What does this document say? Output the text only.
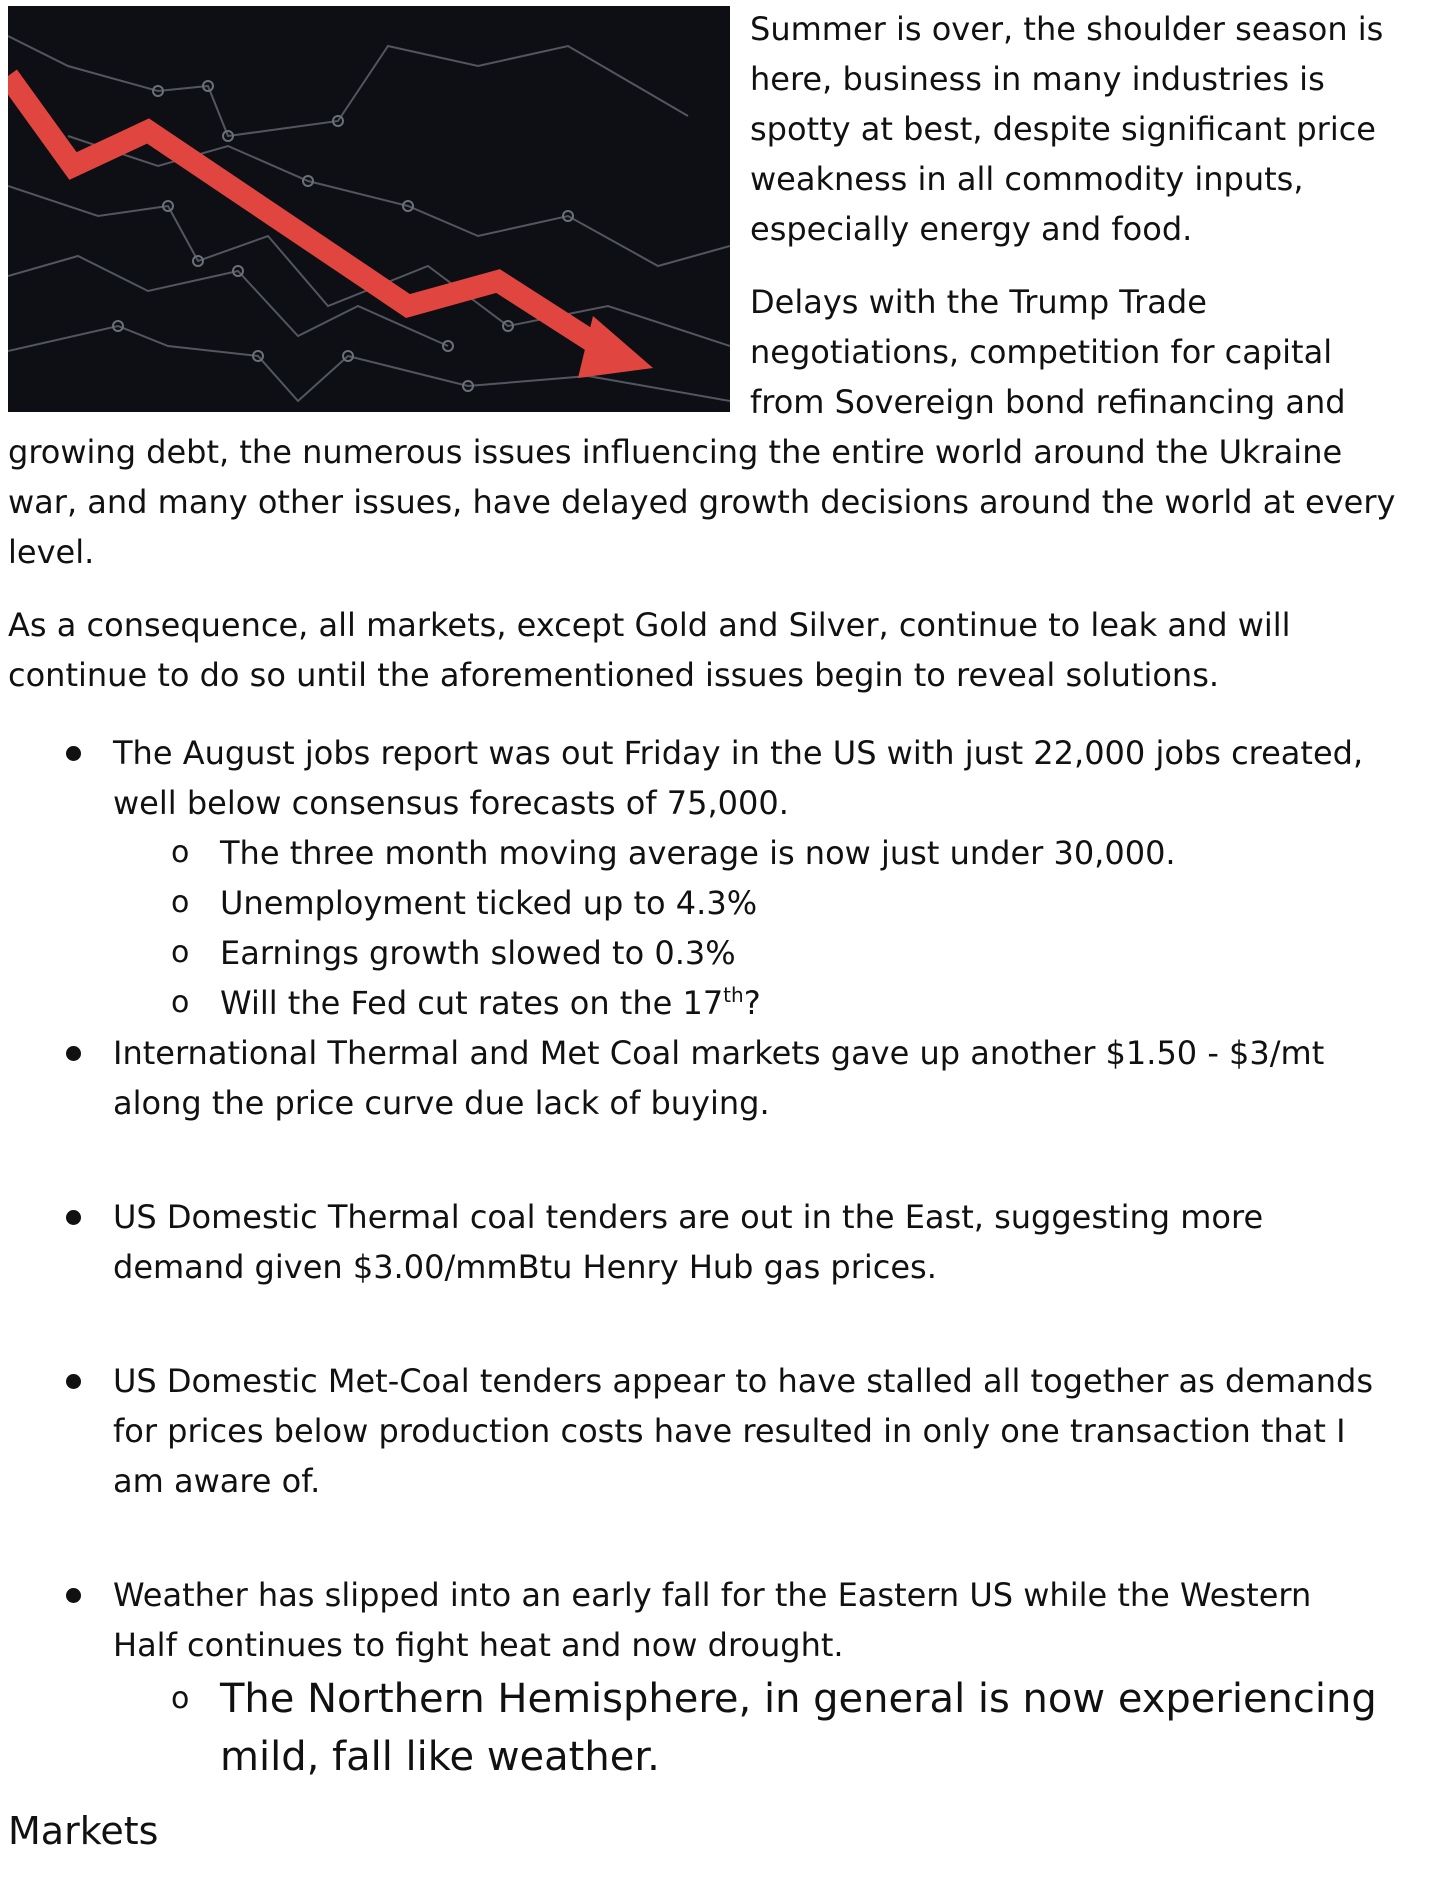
Summer is over, the shoulder season is here, business in many industries is spotty at best, despite significant price weakness in all commodity inputs, especially energy and food.

Delays with the Trump Trade negotiations, competition for capital from Sovereign bond refinancing and growing debt, the numerous issues influencing the entire world around the Ukraine war, and many other issues, have delayed growth decisions around the world at every level.

As a consequence, all markets, except Gold and Silver, continue to leak and will continue to do so until the aforementioned issues begin to reveal solutions.

The August jobs report was out Friday in the US with just 22,000 jobs created, well below consensus forecasts of 75,000.
o The three month moving average is now just under 30,000.
o Unemployment ticked up to 4.3%
o Earnings growth slowed to 0.3%
o Will the Fed cut rates on the 17th?
International Thermal and Met Coal markets gave up another $1.50 - $3/mt along the price curve due lack of buying.
US Domestic Thermal coal tenders are out in the East, suggesting more demand given $3.00/mmBtu Henry Hub gas prices.
US Domestic Met-Coal tenders appear to have stalled all together as demands for prices below production costs have resulted in only one transaction that I am aware of.
Weather has slipped into an early fall for the Eastern US while the Western Half continues to fight heat and now drought.
o The Northern Hemisphere, in general is now experiencing mild, fall like weather.
Markets
